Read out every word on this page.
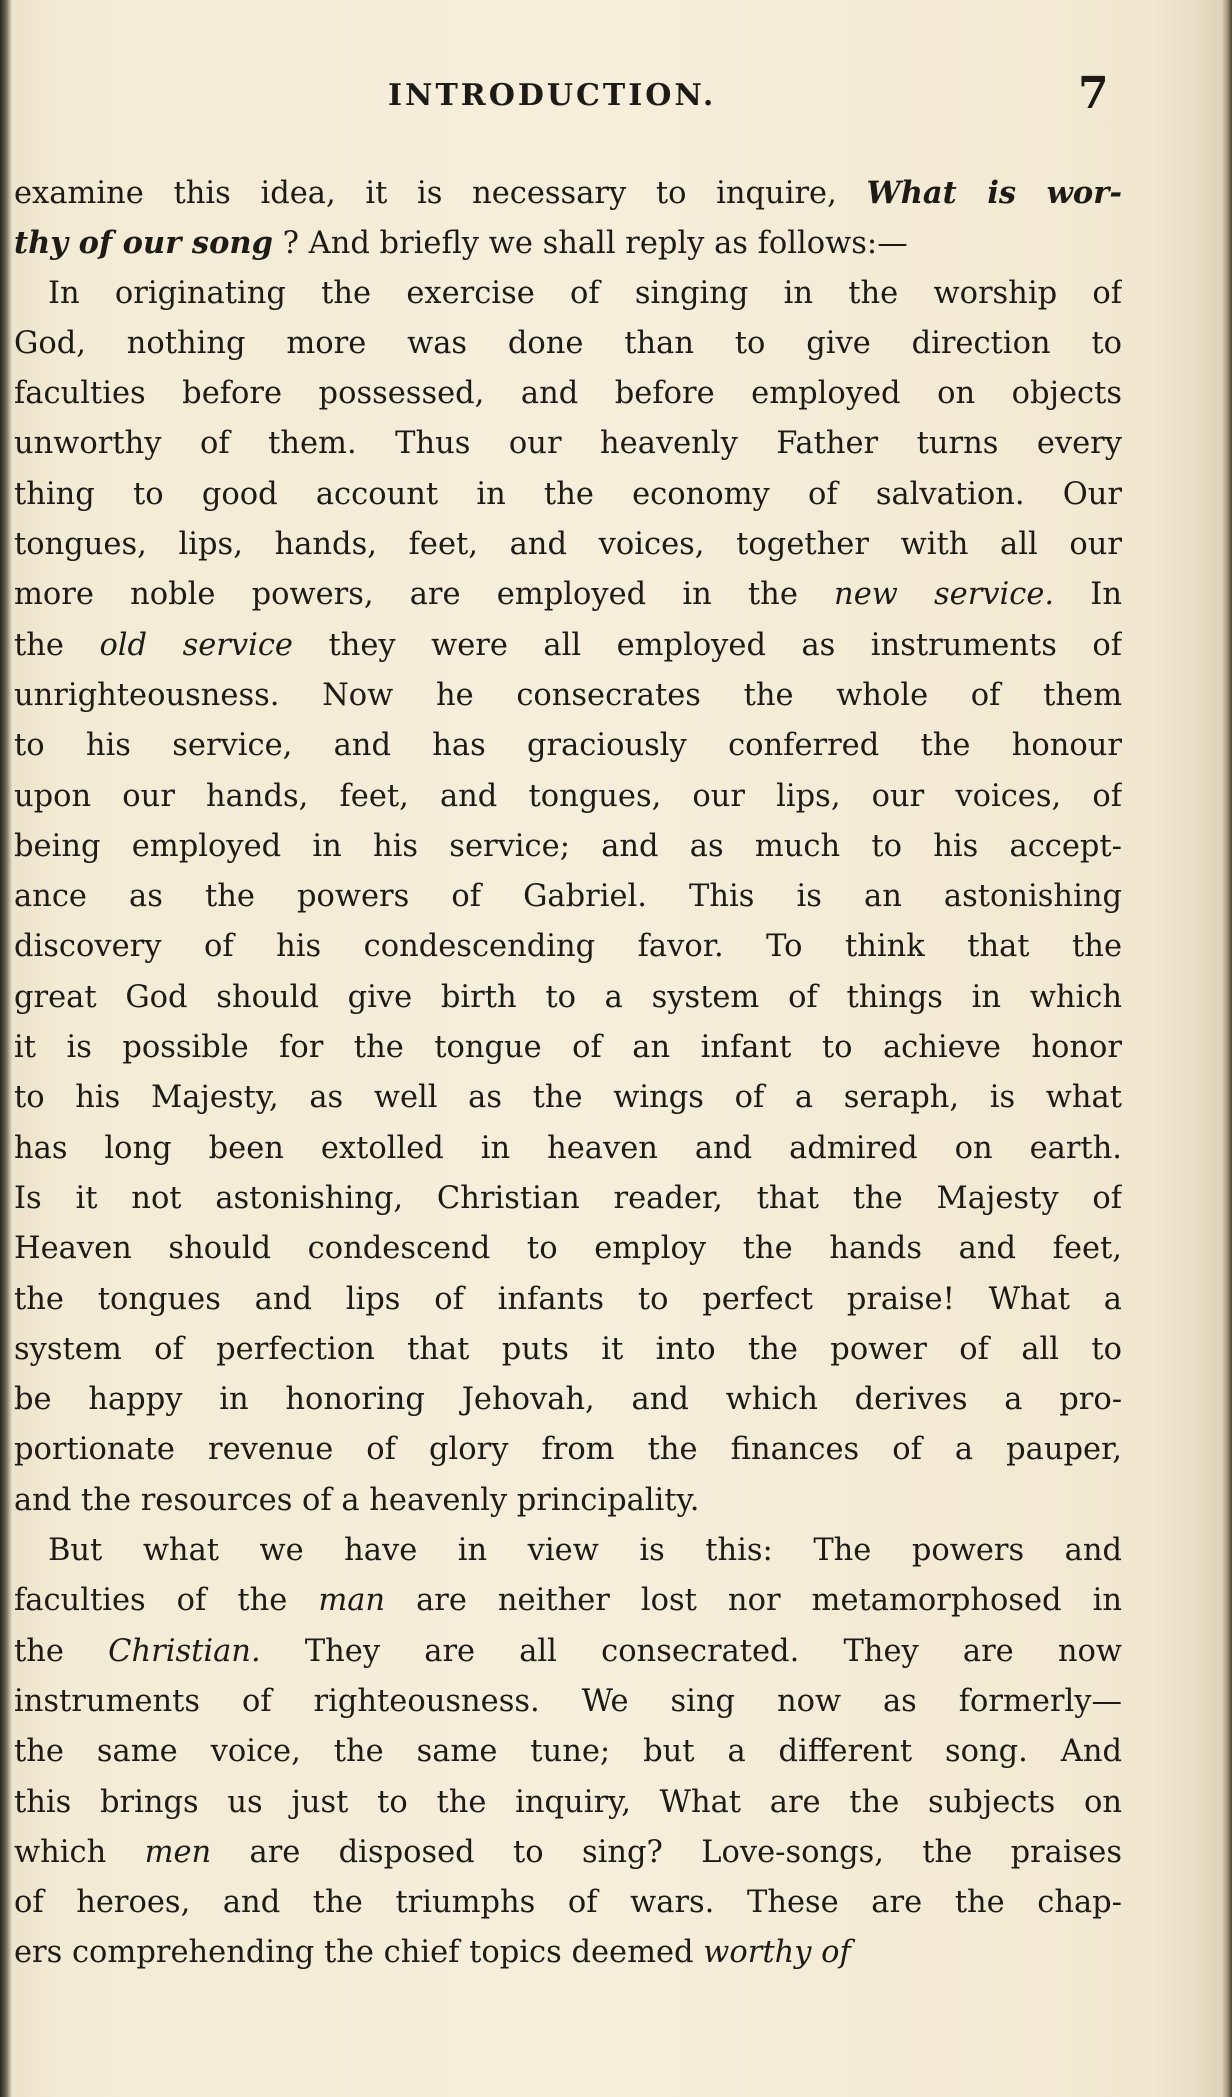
INTRODUCTION.	7
examine this idea, it is necessary to inquire, What is wor-
thy of our song ? And briefly we shall reply as follows:—
In originating the exercise of singing in the worship of
God, nothing more was done than to give direction to
faculties before possessed, and before employed on objects
unworthy of them. Thus our heavenly Father turns every
thing to good account in the economy of salvation. Our
tongues, lips, hands, feet, and voices, together with all our
more noble powers, are employed in the new service. In
the old service they were all employed as instruments of
unrighteousness. Now he consecrates the whole of them
to his service, and has graciously conferred the honour
upon our hands, feet, and tongues, our lips, our voices, of
being employed in his service; and as much to his accept-
ance as the powers of Gabriel. This is an astonishing
discovery of his condescending favor. To think that the
great God should give birth to a system of things in which
it is possible for the tongue of an infant to achieve honor
to his Majesty, as well as the wings of a seraph, is what
has long been extolled in heaven and admired on earth.
Is it not astonishing, Christian reader, that the Majesty of
Heaven should condescend to employ the hands and feet,
the tongues and lips of infants to perfect praise! What a
system of perfection that puts it into the power of all to
be happy in honoring Jehovah, and which derives a pro-
portionate revenue of glory from the finances of a pauper,
and the resources of a heavenly principality.
But what we have in view is this: The powers and
faculties of the man are neither lost nor metamorphosed in
the Christian. They are all consecrated. They are now
instruments of righteousness. We sing now as formerly—
the same voice, the same tune; but a different song. And
this brings us just to the inquiry, What are the subjects on
which men are disposed to sing? Love-songs, the praises
of heroes, and the triumphs of wars. These are the chap-
ers comprehending the chief topics deemed worthy of
